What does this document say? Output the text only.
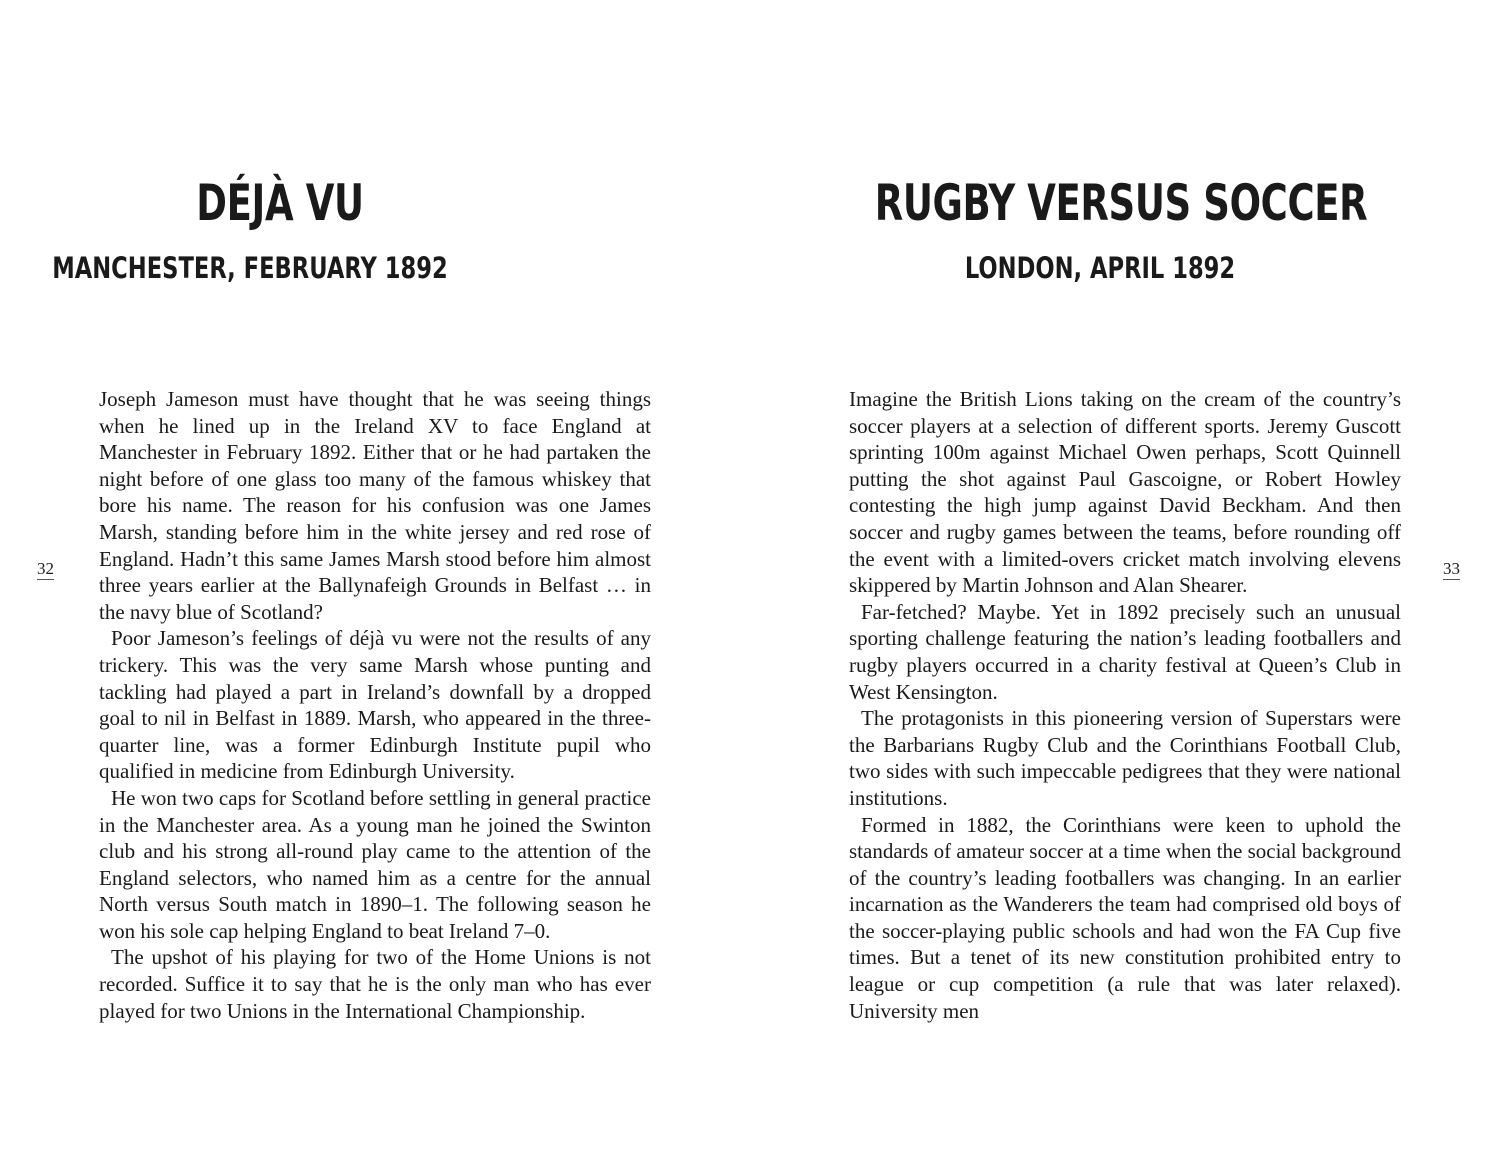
DÉJÀ VU
MANCHESTER, FEBRUARY 1892
32

Joseph Jameson must have thought that he was seeing things when he lined up in the Ireland XV to face England at Manchester in February 1892. Either that or he had partaken the night before of one glass too many of the famous whiskey that bore his name. The reason for his confusion was one James Marsh, standing before him in the white jersey and red rose of England. Hadn’t this same James Marsh stood before him almost three years earlier at the Ballynafeigh Grounds in Belfast … in the navy blue of Scotland?

Poor Jameson’s feelings of déjà vu were not the results of any trickery. This was the very same Marsh whose punting and tackling had played a part in Ireland’s downfall by a dropped goal to nil in Belfast in 1889. Marsh, who appeared in the three-quarter line, was a former Edinburgh Institute pupil who qualified in medicine from Edinburgh University.

He won two caps for Scotland before settling in general practice in the Manchester area. As a young man he joined the Swinton club and his strong all-round play came to the attention of the England selectors, who named him as a centre for the annual North versus South match in 1890–1. The following season he won his sole cap helping England to beat Ireland 7–0.

The upshot of his playing for two of the Home Unions is not recorded. Suffice it to say that he is the only man who has ever played for two Unions in the International Championship.

RUGBY VERSUS SOCCER
LONDON, APRIL 1892
33

Imagine the British Lions taking on the cream of the country’s soccer players at a selection of different sports. Jeremy Guscott sprinting 100m against Michael Owen perhaps, Scott Quinnell putting the shot against Paul Gascoigne, or Robert Howley contesting the high jump against David Beckham. And then soccer and rugby games between the teams, before rounding off the event with a limited-overs cricket match involving elevens skippered by Martin Johnson and Alan Shearer.

Far-fetched? Maybe. Yet in 1892 precisely such an unusual sporting challenge featuring the nation’s leading footballers and rugby players occurred in a charity festival at Queen’s Club in West Kensington.

The protagonists in this pioneering version of Superstars were the Barbarians Rugby Club and the Corinthians Football Club, two sides with such impeccable pedigrees that they were national institutions.

Formed in 1882, the Corinthians were keen to uphold the standards of amateur soccer at a time when the social background of the country’s leading footballers was changing. In an earlier incarnation as the Wanderers the team had comprised old boys of the soccer-playing public schools and had won the FA Cup five times. But a tenet of its new constitution prohibited entry to league or cup competition (a rule that was later relaxed). University men
